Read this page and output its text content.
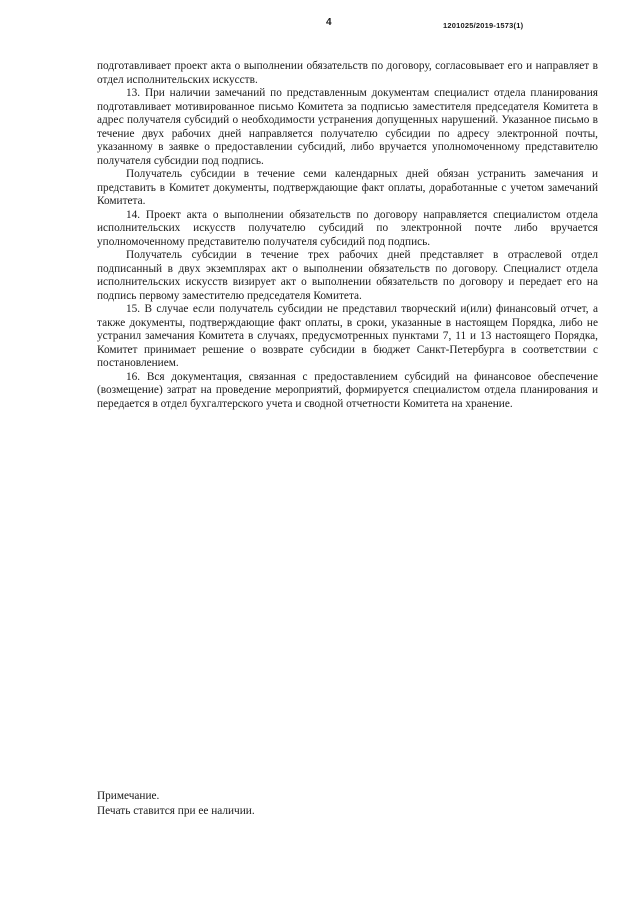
4	1201025/2019-1573(1)

подготавливает проект акта о выполнении обязательств по договору, согласовывает его и направляет в отдел исполнительских искусств.

13. При наличии замечаний по представленным документам специалист отдела планирования подготавливает мотивированное письмо Комитета за подписью заместителя председателя Комитета в адрес получателя субсидий о необходимости устранения допущенных нарушений. Указанное письмо в течение двух рабочих дней направляется получателю субсидии по адресу электронной почты, указанному в заявке о предоставлении субсидий, либо вручается уполномоченному представителю получателя субсидии под подпись.

Получатель субсидии в течение семи календарных дней обязан устранить замечания и представить в Комитет документы, подтверждающие факт оплаты, доработанные с учетом замечаний Комитета.

14. Проект акта о выполнении обязательств по договору направляется специалистом отдела исполнительских искусств получателю субсидий по электронной почте либо вручается уполномоченному представителю получателя субсидий под подпись.

Получатель субсидии в течение трех рабочих дней представляет в отраслевой отдел подписанный в двух экземплярах акт о выполнении обязательств по договору. Специалист отдела исполнительских искусств визирует акт о выполнении обязательств по договору и передает его на подпись первому заместителю председателя Комитета.

15. В случае если получатель субсидии не представил творческий и(или) финансовый отчет, а также документы, подтверждающие факт оплаты, в сроки, указанные в настоящем Порядка, либо не устранил замечания Комитета в случаях, предусмотренных пунктами 7, 11 и 13 настоящего Порядка, Комитет принимает решение о возврате субсидии в бюджет Санкт-Петербурга в соответствии с постановлением.

16. Вся документация, связанная с предоставлением субсидий на финансовое обеспечение (возмещение) затрат на проведение мероприятий, формируется специалистом отдела планирования и передается в отдел бухгалтерского учета и сводной отчетности Комитета на хранение.

Примечание.
Печать ставится при ее наличии.
